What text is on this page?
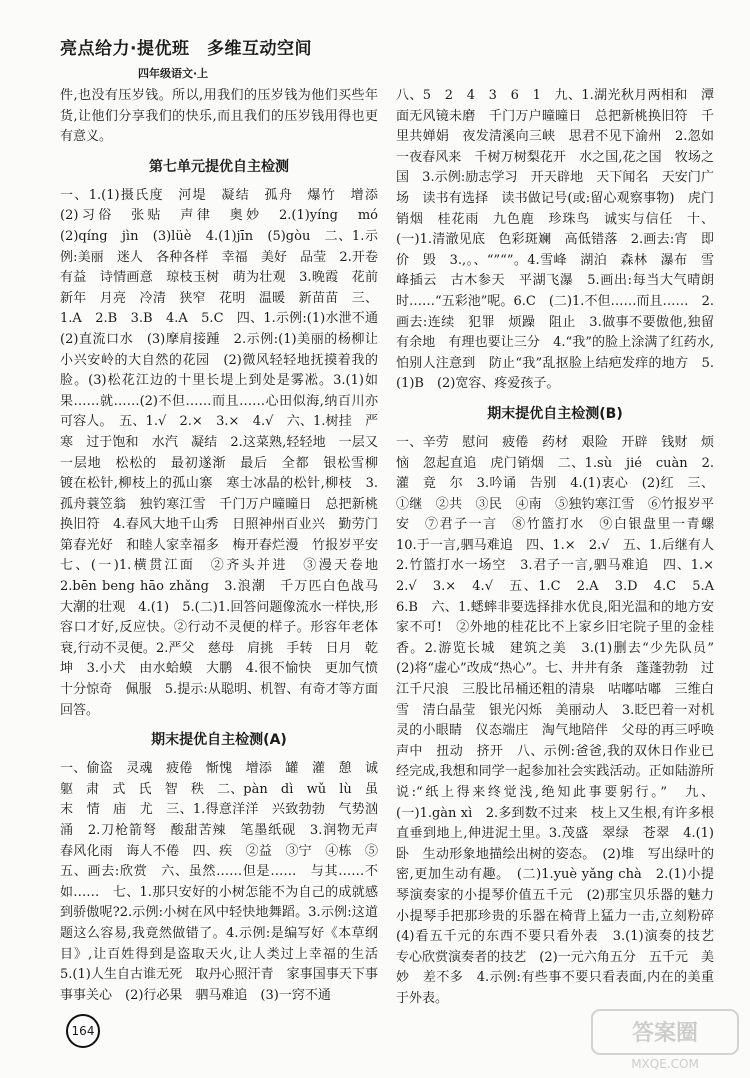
亮点给力·提优班　多维互动空间
四年级语文·上

件,也没有压岁钱。所以,用我们的压岁钱为他们买些年货,让他们分享我们的快乐,而且我们的压岁钱用得也更有意义。

第七单元提优自主检测

一、1.(1)摄氏度　河堤　凝结　孤舟　爆竹　增添　(2)习俗　张贴　声律　奥妙　2.(1)yíng　mó　(2)qíng　jìn　(3)lüè　4.(1)jīn　(5)gòu　二、1.示例:美丽　迷人　各种各样　幸福　美好　品莹　2.开卷有益　诗情画意　琼枝玉树　萌为壮观　3.晚霞　花前　新年　月亮　冷清　狭窄　花明　温暖　新苗苗　三、1.A　2.B　3.B　4.A　5.C　四、1.示例:(1)水泄不通　(2)直流口水　(3)摩肩接踵　2.示例:(1)美丽的杨柳让小兴安岭的大自然的花园　(2)微风轻轻地抚摸着我的脸。(3)松花江边的十里长堤上到处是雾凇。3.(1)如果……就……(2)不但……而且……心田似海,纳百川亦可容人。　五、1.√　2.×　3.×　4.√　六、1.树挂　严寒　过于饱和　水汽　凝结　2.这菜熟,轻轻地　一层又一层地　松松的　最初遂渐　最后　全都　银松雪柳　镀在松针,柳枝上的孤山寨　寒士冰晶的松针,柳枝　3.孤舟蓑笠翁　独钓寒江雪　千门万户曈曈日　总把新桃换旧符　4.春风大地千山秀　日照神州百业兴　勤劳门第春光好　和睦人家幸福多　梅开春烂漫　竹报岁平安　七、(一)1.横贯江面　②齐头并进　③漫天卷地　2.bēn beng hāo zhǎng　3.浪潮　千万匹白色战马　大潮的壮观　4.(1)　5.(二)1.回答问题像流水一样快,形容口才好,反应快。②行动不灵便的样子。形容年老体衰,行动不灵便。2.严父　慈母　肩挑　手转　日月　乾坤　3.小犬　由水蛤蟆　大鹏　4.很不愉快　更加气愤　十分惊奇　佩服　5.提示:从聪明、机智、有奇才等方面回答。

期末提优自主检测(A)

一、偷盗　灵魂　疲倦　惭愧　增添　罐　灌　憩　诚　躯　肃　式　氏　智　秩　二、pàn　dì　wǔ　lù　虽　末　情　庙　尤　三、1.得意洋洋　兴致勃勃　气势汹涌　2.刀枪箭弩　酸甜苦辣　笔墨纸砚　3.润物无声　春风化雨　诲人不倦　四、疾　②益　③宁　④栋　⑤　五、画去:欣赏　六、虽然……但是……　与其……不如……　七、1.那只安好的小树怎能不为自己的成就感到骄傲呢?2.示例:小树在风中轻快地舞蹈。3.示例:这道题这么容易,我竟然做错了。4.示例:是编写好《本草纲目》,让百姓得到是盗取天火,让人类过上幸福的生活　5.(1)人生自古谁无死　取丹心照汗青　家事国事天下事　事事关心　(2)行必果　驷马难追　(3)一窍不通

八、5　2　4　3　6　1　九、1.湖光秋月两相和　潭面无风镜未磨　千门万户曈曈日　总把新桃换旧符　千里共婵娟　夜发清溪向三峡　思君不见下渝州　2.忽如一夜春风来　千树万树梨花开　水之国,花之国　牧场之国　3.示例:励志学习　开天辟地　天下闻名　天安门广场　读书有选择　读书做记号(或:留心观察事物)　虎门销烟　桂花雨　九色鹿　珍珠鸟　诚实与信任　十、(一)1.清澈见底　色彩斑斓　高低错落　2.画去:宵　即　价　毁　3.,。、“”“”。4.雪峰　湖泊　森林　瀑布　雪峰插云　古木参天　平湖飞瀑　5.画出:每当大气晴朗时……“五彩池”呢。6.C　(二)1.不但……而且……　2.画去:连续　犯罪　烦躁　阻止　3.做事不要傲他,独留有余地　有理也要让三分　4.“我”的脸上涂满了红药水,怕别人注意到　防止“我”乱抠脸上结疤发痒的地方　5.(1)B　(2)宽容、疼爱孩子。

期末提优自主检测(B)

一、辛劳　慰问　疲倦　药材　艰险　开辟　钱财　烦恼　忽起直追　虎门销烟　二、1.sù　jié　cuàn　2.灌　竟　尔　3.吟诵　告别　4.(1)衷心　(2)红　三、①继　②共　③民　④南　⑤独钓寒江雪　⑥竹报岁平安　⑦君子一言　⑧竹篮打水　⑨白银盘里一青螺　10.于一言,驷马难追　四、1.×　2.√　五、1.后继有人　2.竹篮打水一场空　3.君子一言,驷马难追　四、1.×　2.√　3.×　4.√　五、1.C　2.A　3.D　4.C　5.A　6.B　六、1.蟋蟀非要选择排水优良,阳光温和的地方安家不可!　②外地的桂花比不上家乡旧宅院子里的金桂香。2.游览长城　建筑之美　3.(1)删去“少先队员”　(2)将“虚心”改成“热心”。七、井井有条　蓬蓬勃勃　过江千尺浪　三股比吊桶还粗的清泉　咕嘟咕嘟　三维白雪　清白晶莹　银光闪烁　美丽动人　3.眨巴着一对机灵的小眼睛　仪态端庄　淘气地陪伴　父母的再三呼唤声中　扭动　挤开　八、示例:爸爸,我的双休日作业已经完成,我想和同学一起参加社会实践活动。正如陆游所说:“纸上得来终觉浅,绝知此事要躬行。”　九、(一)1.gàn xì　2.多到数不过来　枝上又生根,有许多根直垂到地上,伸进泥土里。3.茂盛　翠绿　苍翠　4.(1)卧　生动形象地描绘出树的姿态。　(2)堆　写出绿叶的密,更加生动有趣。　(二)1.yuè yǎng chà　2.(1)小提琴演奏家的小提琴价值五千元　(2)那宝贝乐器的魅力　小提琴手把那珍贵的乐器在椅背上猛力一击,立刻粉碎　(4)看五千元的东西不要只看外表　3.(1)演奏的技艺　专心欣赏演奏者的技艺　(2)一元六角五分　五千元　美妙　差不多　4.示例:有些事不要只看表面,内在的美重于外表。

164	答案圈
MXQE.COM
